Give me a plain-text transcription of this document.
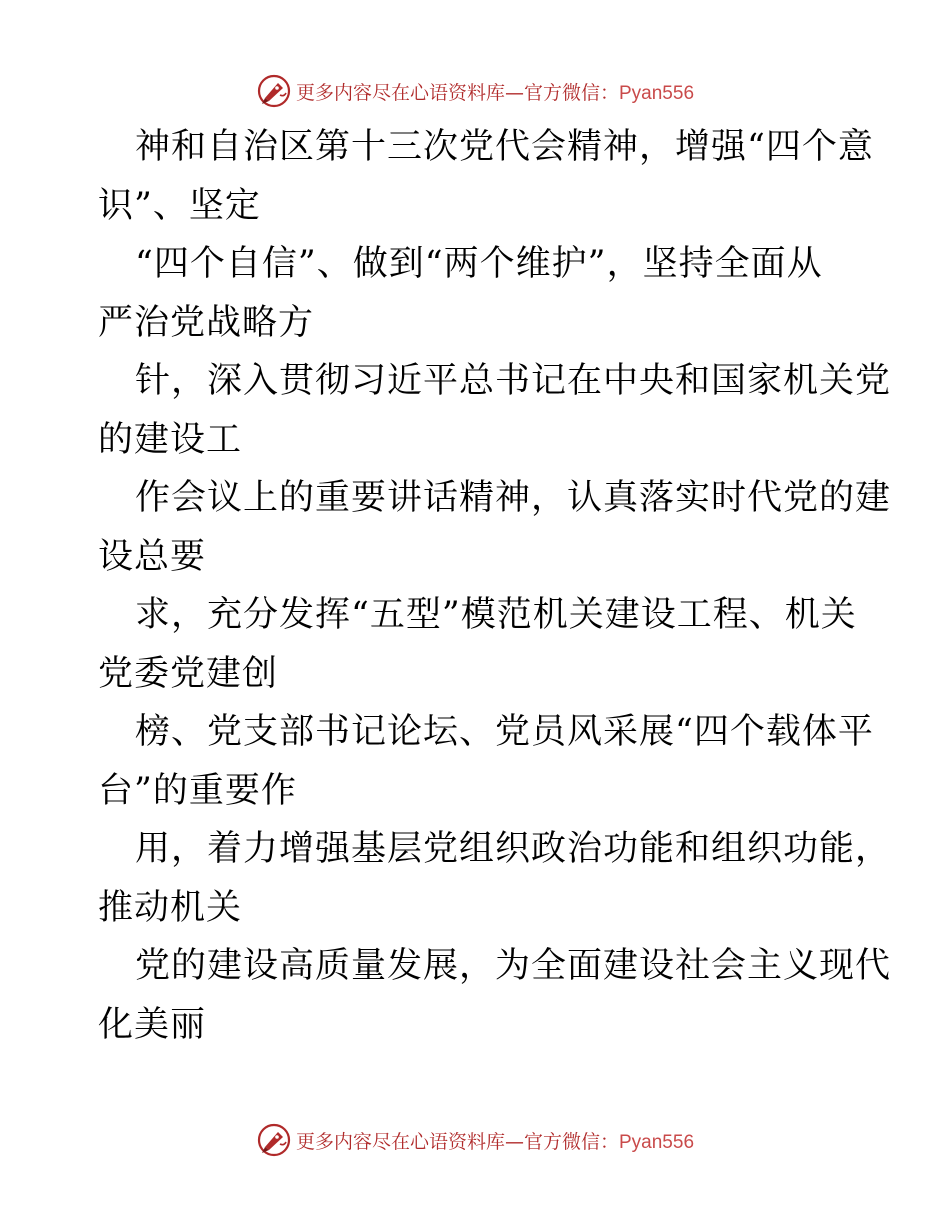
更多内容尽在心语资料库—官方微信：Pyan556
神和自治区第十三次党代会精神，增强“四个意
识”、坚定
“四个自信”、做到“两个维护”，坚持全面从
严治党战略方
针，深入贯彻习近平总书记在中央和国家机关党
的建设工
作会议上的重要讲话精神，认真落实时代党的建
设总要
求，充分发挥“五型”模范机关建设工程、机关
党委党建创
榜、党支部书记论坛、党员风采展“四个载体平
台”的重要作
用，着力增强基层党组织政治功能和组织功能，
推动机关
党的建设高质量发展，为全面建设社会主义现代
化美丽
更多内容尽在心语资料库—官方微信：Pyan556
